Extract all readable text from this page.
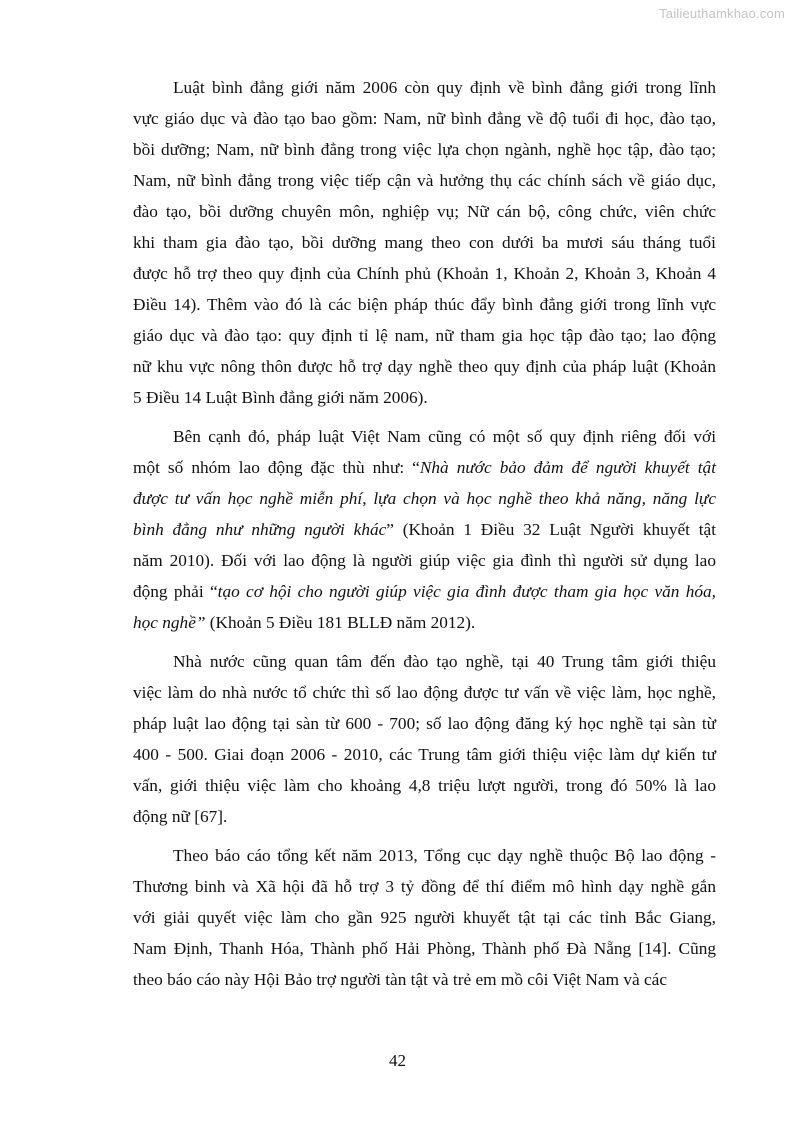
Tailieuthamkhao.com
Luật bình đẳng giới năm 2006 còn quy định về bình đẳng giới trong lĩnh
vực giáo dục và đào tạo bao gồm: Nam, nữ bình đẳng về độ tuổi đi học, đào tạo,
bồi dưỡng; Nam, nữ bình đẳng trong việc lựa chọn ngành, nghề học tập, đào tạo;
Nam, nữ bình đẳng trong việc tiếp cận và hưởng thụ các chính sách về giáo dục,
đào tạo, bồi dưỡng chuyên môn, nghiệp vụ; Nữ cán bộ, công chức, viên chức
khi tham gia đào tạo, bồi dưỡng mang theo con dưới ba mươi sáu tháng tuổi
được hỗ trợ theo quy định của Chính phủ (Khoản 1, Khoản 2, Khoản 3, Khoản 4
Điều 14). Thêm vào đó là các biện pháp thúc đẩy bình đẳng giới trong lĩnh vực
giáo dục và đào tạo: quy định tỉ lệ nam, nữ tham gia học tập đào tạo; lao động
nữ khu vực nông thôn được hỗ trợ dạy nghề theo quy định của pháp luật (Khoản
5 Điều 14 Luật Bình đẳng giới năm 2006).
Bên cạnh đó, pháp luật Việt Nam cũng có một số quy định riêng đối với
một số nhóm lao động đặc thù như: “Nhà nước bảo đảm để người khuyết tật
được tư vấn học nghề miễn phí, lựa chọn và học nghề theo khả năng, năng lực
bình đẳng như những người khác” (Khoản 1 Điều 32 Luật Người khuyết tật
năm 2010). Đối với lao động là người giúp việc gia đình thì người sử dụng lao
động phải “tạo cơ hội cho người giúp việc gia đình được tham gia học văn hóa,
học nghề” (Khoản 5 Điều 181 BLLĐ năm 2012).
Nhà nước cũng quan tâm đến đào tạo nghề, tại 40 Trung tâm giới thiệu
việc làm do nhà nước tổ chức thì số lao động được tư vấn về việc làm, học nghề,
pháp luật lao động tại sàn từ 600 - 700; số lao động đăng ký học nghề tại sàn từ
400 - 500. Giai đoạn 2006 - 2010, các Trung tâm giới thiệu việc làm dự kiến tư
vấn, giới thiệu việc làm cho khoảng 4,8 triệu lượt người, trong đó 50% là lao
động nữ [67].
Theo báo cáo tổng kết năm 2013, Tổng cục dạy nghề thuộc Bộ lao động -
Thương binh và Xã hội đã hỗ trợ 3 tỷ đồng để thí điểm mô hình dạy nghề gắn
với giải quyết việc làm cho gần 925 người khuyết tật tại các tỉnh Bắc Giang,
Nam Định, Thanh Hóa, Thành phố Hải Phòng, Thành phố Đà Nẵng [14]. Cũng
theo báo cáo này Hội Bảo trợ người tàn tật và trẻ em mồ côi Việt Nam và các
42
